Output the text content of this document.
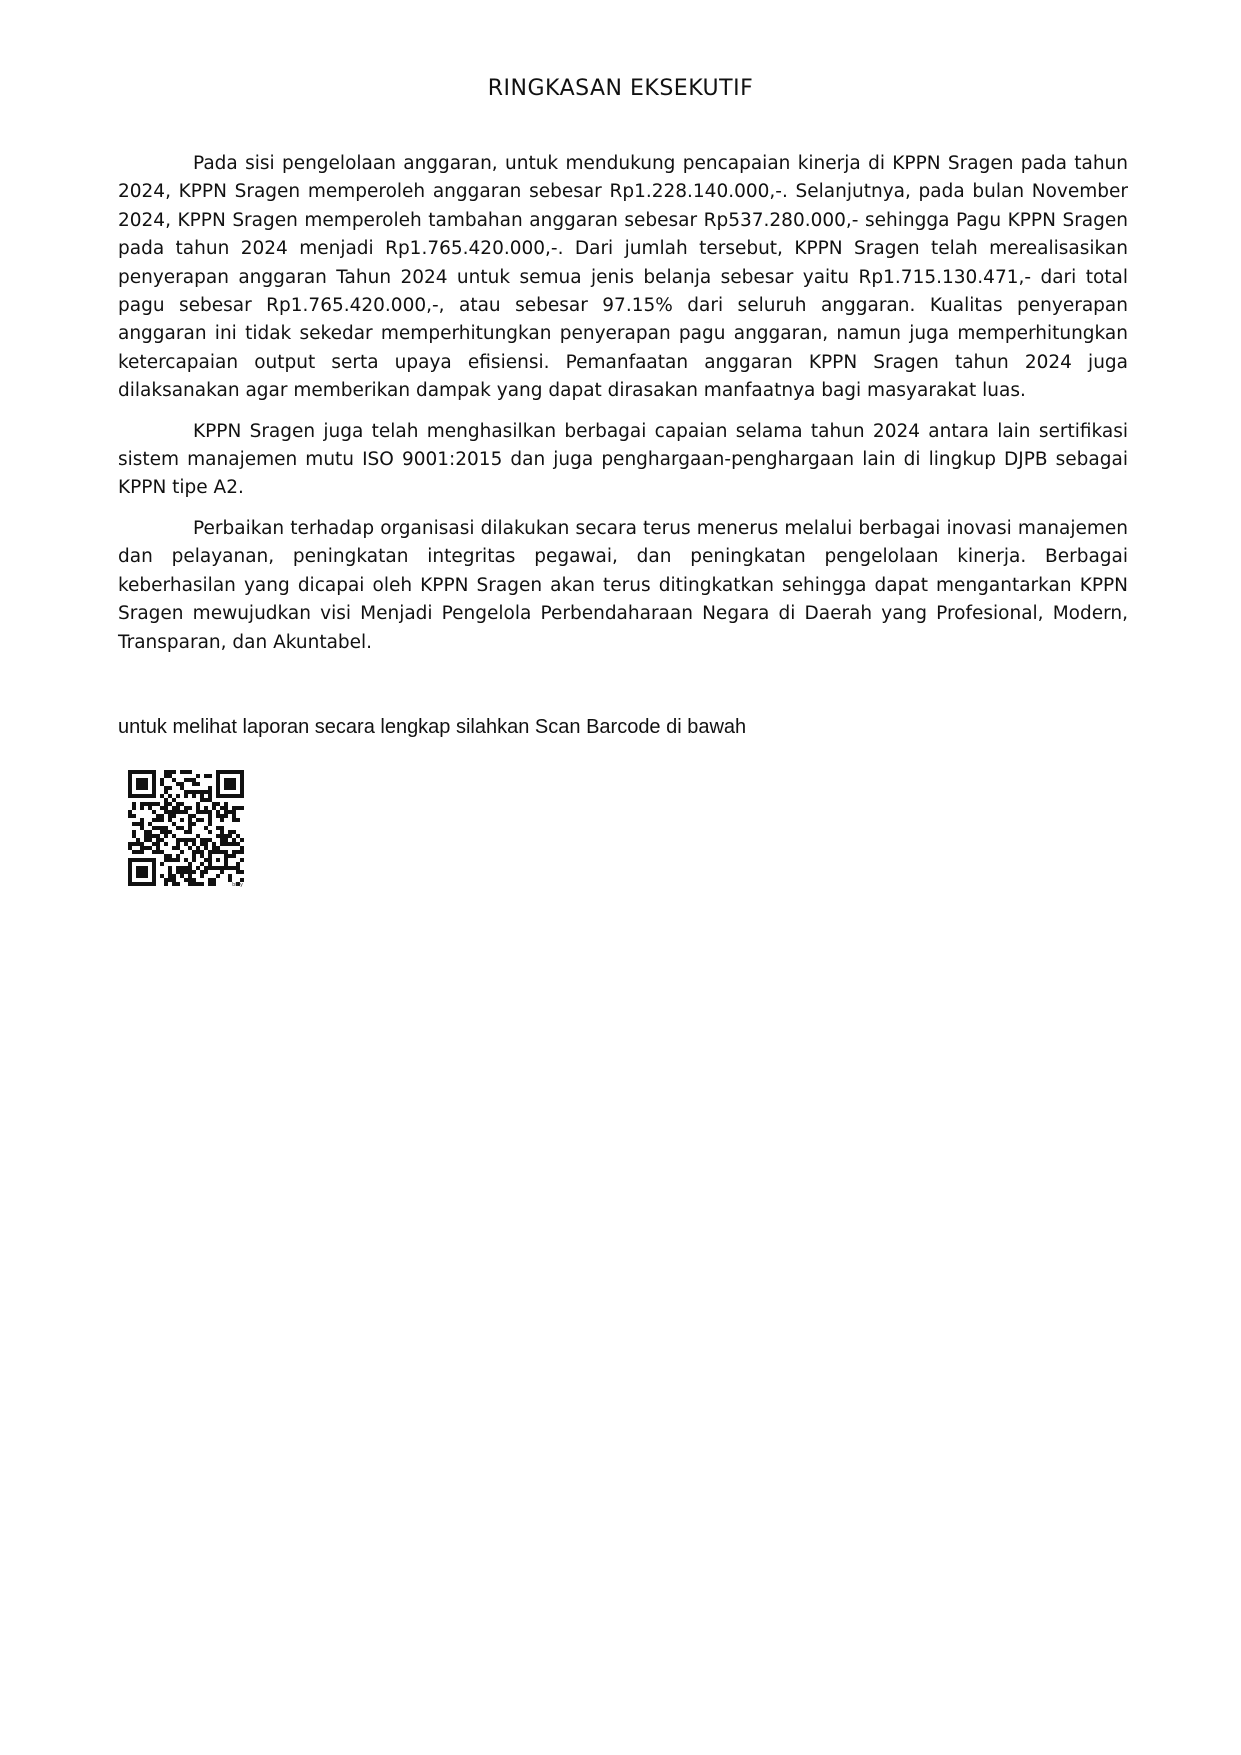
RINGKASAN EKSEKUTIF

Pada sisi pengelolaan anggaran, untuk mendukung pencapaian kinerja di KPPN Sragen pada tahun 2024, KPPN Sragen memperoleh anggaran sebesar Rp1.228.140.000,-. Selanjutnya, pada bulan November 2024, KPPN Sragen memperoleh tambahan anggaran sebesar Rp537.280.000,- sehingga Pagu KPPN Sragen pada tahun 2024 menjadi Rp1.765.420.000,-. Dari jumlah tersebut, KPPN Sragen telah merealisasikan penyerapan anggaran Tahun 2024 untuk semua jenis belanja sebesar yaitu Rp1.715.130.471,- dari total pagu sebesar Rp1.765.420.000,-, atau sebesar 97.15% dari seluruh anggaran. Kualitas penyerapan anggaran ini tidak sekedar memperhitungkan penyerapan pagu anggaran, namun juga memperhitungkan ketercapaian output serta upaya efisiensi. Pemanfaatan anggaran KPPN Sragen tahun 2024 juga dilaksanakan agar memberikan dampak yang dapat dirasakan manfaatnya bagi masyarakat luas.

KPPN Sragen juga telah menghasilkan berbagai capaian selama tahun 2024 antara lain sertifikasi sistem manajemen mutu ISO 9001:2015 dan juga penghargaan-penghargaan lain di lingkup DJPB sebagai KPPN tipe A2.

Perbaikan terhadap organisasi dilakukan secara terus menerus melalui berbagai inovasi manajemen dan pelayanan, peningkatan integritas pegawai, dan peningkatan pengelolaan kinerja. Berbagai keberhasilan yang dicapai oleh KPPN Sragen akan terus ditingkatkan sehingga dapat mengantarkan KPPN Sragen mewujudkan visi Menjadi Pengelola Perbendaharaan Negara di Daerah yang Profesional, Modern, Transparan, dan Akuntabel.

untuk melihat laporan secara lengkap silahkan Scan Barcode di bawah

bitly
